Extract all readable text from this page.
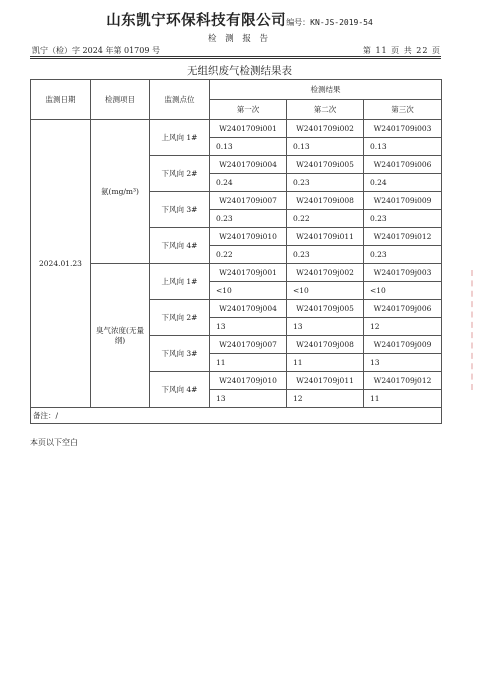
山东凯宁环保科技有限公司编号：KN-JS-2019-54
检 测 报 告
凯宁（检）字 2024 年第 01709 号	第 11 页 共 22 页
无组织废气检测结果表
监测日期	检测项目	监测点位	检测结果		
			第一次	第二次	第三次
2024.01.23	氨(mg/m³)	上风向 1#	W2401709i001	W2401709i002	W2401709i003
			0.13	0.13	0.13
		下风向 2#	W2401709i004	W2401709i005	W2401709i006
			0.24	0.23	0.24
		下风向 3#	W2401709i007	W2401709i008	W2401709i009
			0.23	0.22	0.23
		下风向 4#	W2401709i010	W2401709i011	W2401709i012
			0.22	0.23	0.23
	臭气浓度(无量纲)	上风向 1#	W2401709j001	W2401709j002	W2401709j003
			<10	<10	<10
		下风向 2#	W2401709j004	W2401709j005	W2401709j006
			13	13	12
		下风向 3#	W2401709j007	W2401709j008	W2401709j009
			11	11	13
		下风向 4#	W2401709j010	W2401709j011	W2401709j012
			13	12	11
备注：/					
本页以下空白
